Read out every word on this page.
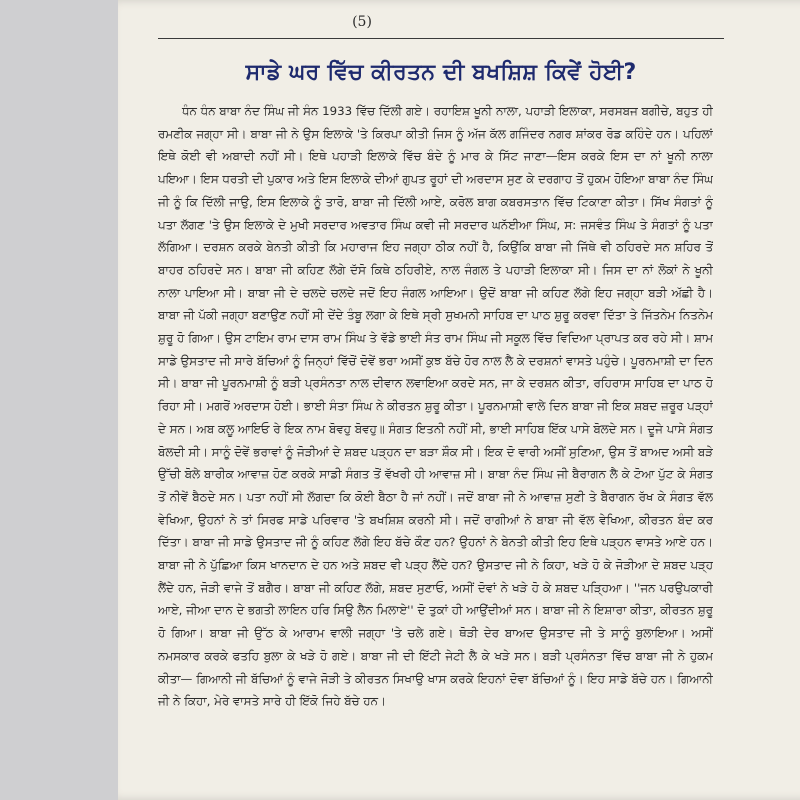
(5)
ਸਾਡੇ ਘਰ ਵਿੱਚ ਕੀਰਤਨ ਦੀ ਬਖਸ਼ਿਸ਼ ਕਿਵੇਂ ਹੋਈ?
ਧੰਨ ਧੰਨ ਬਾਬਾ ਨੰਦ ਸਿੰਘ ਜੀ ਸੰਨ 1933 ਵਿੱਚ ਦਿੱਲੀ ਗਏ। ਰਹਾਇਸ਼ ਖੂਨੀ ਨਾਲਾ, ਪਹਾੜੀ ਇਲਾਕਾ, ਸਰਸਬਜ ਬਗੀਚੇ, ਬਹੁਤ ਹੀ ਰਮਣੀਕ ਜਗ੍ਹਾ ਸੀ। ਬਾਬਾ ਜੀ ਨੇ ਉਸ ਇਲਾਕੇ 'ਤੇ ਕਿਰਪਾ ਕੀਤੀ ਜਿਸ ਨੂੰ ਅੱਜ ਕੱਲ ਗਜਿੰਦਰ ਨਗਰ ਸ਼ਾਂਕਰ ਰੋਡ ਕਹਿੰਦੇ ਹਨ। ਪਹਿਲਾਂ ਇਥੇ ਕੋਈ ਵੀ ਅਬਾਦੀ ਨਹੀਂ ਸੀ। ਇਥੇ ਪਹਾੜੀ ਇਲਾਕੇ ਵਿੱਚ ਬੰਦੇ ਨੂੰ ਮਾਰ ਕੇ ਸਿੱਟ ਜਾਣਾ—ਇਸ ਕਰਕੇ ਇਸ ਦਾ ਨਾਂ ਖੂਨੀ ਨਾਲਾ ਪਇਆ। ਇਸ ਧਰਤੀ ਦੀ ਪੁਕਾਰ ਅਤੇ ਇਸ ਇਲਾਕੇ ਦੀਆਂ ਗੁਪਤ ਰੂਹਾਂ ਦੀ ਅਰਦਾਸ ਸੁਣ ਕੇ ਦਰਗਾਹ ਤੋਂ ਹੁਕਮ ਹੋਇਆ ਬਾਬਾ ਨੰਦ ਸਿੰਘ ਜੀ ਨੂੰ ਕਿ ਦਿੱਲੀ ਜਾਉ, ਇਸ ਇਲਾਕੇ ਨੂੰ ਤਾਰੋ, ਬਾਬਾ ਜੀ ਦਿੱਲੀ ਆਏ, ਕਰੋਲ ਬਾਗ ਕਬਰਸਤਾਨ ਵਿੱਚ ਟਿਕਾਣਾ ਕੀਤਾ। ਸਿੱਖ ਸੰਗਤਾਂ ਨੂੰ ਪਤਾ ਲੱਗਣ 'ਤੇ ਉਸ ਇਲਾਕੇ ਦੇ ਮੁਖੀ ਸਰਦਾਰ ਅਵਤਾਰ ਸਿੰਘ ਕਵੀ ਜੀ ਸਰਦਾਰ ਘਨੱਈਆ ਸਿੰਘ, ਸ: ਜਸਵੰਤ ਸਿੰਘ ਤੇ ਸੰਗਤਾਂ ਨੂੰ ਪਤਾ ਲੱਗਿਆ। ਦਰਸ਼ਨ ਕਰਕੇ ਬੇਨਤੀ ਕੀਤੀ ਕਿ ਮਹਾਰਾਜ ਇਹ ਜਗ੍ਹਾ ਠੀਕ ਨਹੀਂ ਹੈ, ਕਿਉਂਕਿ ਬਾਬਾ ਜੀ ਜਿੱਥੇ ਵੀ ਠਹਿਰਦੇ ਸਨ ਸ਼ਹਿਰ ਤੋਂ ਬਾਹਰ ਠਹਿਰਦੇ ਸਨ। ਬਾਬਾ ਜੀ ਕਹਿਣ ਲੱਗੇ ਦੱਸੋ ਕਿਥੇ ਠਹਿਰੀਏ, ਨਾਲ ਜੰਗਲ ਤੇ ਪਹਾੜੀ ਇਲਾਕਾ ਸੀ। ਜਿਸ ਦਾ ਨਾਂ ਲੋਕਾਂ ਨੇ ਖੂਨੀ ਨਾਲਾ ਪਾਇਆ ਸੀ। ਬਾਬਾ ਜੀ ਦੇ ਚਲਦੇ ਚਲਦੇ ਜਦੋਂ ਇਹ ਜੰਗਲ ਆਇਆ। ਉਦੋਂ ਬਾਬਾ ਜੀ ਕਹਿਣ ਲੱਗੇ ਇਹ ਜਗ੍ਹਾ ਬੜੀ ਅੱਛੀ ਹੈ। ਬਾਬਾ ਜੀ ਪੱਕੀ ਜਗ੍ਹਾ ਬਣਾਉਣ ਨਹੀਂ ਸੀ ਦੇਂਦੇ ਤੰਬੂ ਲਗਾ ਕੇ ਇਥੇ ਸ੍ਰੀ ਸੁਖਮਨੀ ਸਾਹਿਬ ਦਾ ਪਾਠ ਸ਼ੁਰੂ ਕਰਵਾ ਦਿੱਤਾ ਤੇ ਜਿੱਤਨੇਮ ਨਿਤਨੇਮ ਸ਼ੁਰੂ ਹੋ ਗਿਆ। ਉਸ ਟਾਇਮ ਰਾਮ ਦਾਸ ਰਾਮ ਸਿੰਘ ਤੇ ਵੱਡੇ ਭਾਈ ਸੰਤ ਰਾਮ ਸਿੰਘ ਜੀ ਸਕੂਲ ਵਿੱਚ ਵਿਦਿਆ ਪ੍ਰਾਪਤ ਕਰ ਰਹੇ ਸੀ। ਸ਼ਾਮ ਸਾਡੇ ਉਸਤਾਦ ਜੀ ਸਾਰੇ ਬੱਚਿਆਂ ਨੂੰ ਜਿਨ੍ਹਾਂ ਵਿੱਚੋਂ ਦੋਵੇਂ ਭਰਾ ਅਸੀਂ ਕੁਝ ਬੱਚੇ ਹੋਰ ਨਾਲ ਲੈ ਕੇ ਦਰਸ਼ਨਾਂ ਵਾਸਤੇ ਪਹੁੰਚੇ। ਪੂਰਨਮਾਸ਼ੀ ਦਾ ਦਿਨ ਸੀ। ਬਾਬਾ ਜੀ ਪੂਰਨਮਾਸ਼ੀ ਨੂੰ ਬੜੀ ਪ੍ਰਸੰਨਤਾ ਨਾਲ ਦੀਵਾਨ ਲਵਾਇਆ ਕਰਦੇ ਸਨ, ਜਾ ਕੇ ਦਰਸ਼ਨ ਕੀਤਾ, ਰਹਿਰਾਸ ਸਾਹਿਬ ਦਾ ਪਾਠ ਹੋ ਰਿਹਾ ਸੀ। ਮਗਰੋਂ ਅਰਦਾਸ ਹੋਈ। ਭਾਈ ਸੰਤਾ ਸਿੰਘ ਨੇ ਕੀਰਤਨ ਸ਼ੁਰੂ ਕੀਤਾ। ਪੂਰਨਮਾਸ਼ੀ ਵਾਲੇ ਦਿਨ ਬਾਬਾ ਜੀ ਇਕ ਸ਼ਬਦ ਜ਼ਰੂਰ ਪੜ੍ਹਾਂ ਦੇ ਸਨ। ਅਬ ਕਲੂ ਆਇਓ ਰੇ ਇਕ ਨਾਮ ਬੋਵਹੁ ਬੋਵਹੁ॥ ਸੰਗਤ ਇਤਨੀ ਨਹੀਂ ਸੀ, ਭਾਈ ਸਾਹਿਬ ਇੱਕ ਪਾਸੇ ਬੋਲਦੇ ਸਨ। ਦੂਜੇ ਪਾਸੇ ਸੰਗਤ ਬੋਲਦੀ ਸੀ। ਸਾਨੂੰ ਦੋਵੇਂ ਭਰਾਵਾਂ ਨੂੰ ਜੋੜੀਆਂ ਦੇ ਸ਼ਬਦ ਪੜ੍ਹਨ ਦਾ ਬੜਾ ਸ਼ੌਕ ਸੀ। ਇਕ ਦੋ ਵਾਰੀ ਅਸੀਂ ਸੁਣਿਆ, ਉਸ ਤੋਂ ਬਾਅਦ ਅਸੀ ਬੜੇ ਉੱਚੀ ਬੋਲੇ ਬਾਰੀਕ ਆਵਾਜ਼ ਹੋਣ ਕਰਕੇ ਸਾਡੀ ਸੰਗਤ ਤੋਂ ਵੱਖਰੀ ਹੀ ਆਵਾਜ਼ ਸੀ। ਬਾਬਾ ਨੰਦ ਸਿੰਘ ਜੀ ਬੈਰਾਗਨ ਲੈ ਕੇ ਟੋਆ ਪੁੱਟ ਕੇ ਸੰਗਤ ਤੋਂ ਨੀਵੇਂ ਬੈਠਦੇ ਸਨ। ਪਤਾ ਨਹੀਂ ਸੀ ਲੱਗਦਾ ਕਿ ਕੋਈ ਬੈਠਾ ਹੈ ਜਾਂ ਨਹੀਂ। ਜਦੋਂ ਬਾਬਾ ਜੀ ਨੇ ਆਵਾਜ਼ ਸੁਣੀ ਤੇ ਬੈਰਾਗਨ ਰੱਖ ਕੇ ਸੰਗਤ ਵੱਲ ਵੇਖਿਆ, ਉਹਨਾਂ ਨੇ ਤਾਂ ਸਿਰਫ ਸਾਡੇ ਪਰਿਵਾਰ 'ਤੇ ਬਖਸ਼ਿਸ਼ ਕਰਨੀ ਸੀ। ਜਦੋਂ ਰਾਗੀਆਂ ਨੇ ਬਾਬਾ ਜੀ ਵੱਲ ਵੇਖਿਆ, ਕੀਰਤਨ ਬੰਦ ਕਰ ਦਿੱਤਾ। ਬਾਬਾ ਜੀ ਸਾਡੇ ਉਸਤਾਦ ਜੀ ਨੂੰ ਕਹਿਣ ਲੱਗੇ ਇਹ ਬੱਚੇ ਕੌਣ ਹਨ? ਉਹਨਾਂ ਨੇ ਬੇਨਤੀ ਕੀਤੀ ਇਹ ਇਥੇ ਪੜ੍ਹਨ ਵਾਸਤੇ ਆਏ ਹਨ। ਬਾਬਾ ਜੀ ਨੇ ਪੁੱਛਿਆ ਕਿਸ ਖਾਨਦਾਨ ਦੇ ਹਨ ਅਤੇ ਸ਼ਬਦ ਵੀ ਪੜ੍ਹ ਲੈਂਦੇ ਹਨ? ਉਸਤਾਦ ਜੀ ਨੇ ਕਿਹਾ, ਖੜੇ ਹੋ ਕੇ ਜੋੜੀਆ ਦੇ ਸ਼ਬਦ ਪੜ੍ਹ ਲੈਂਦੇ ਹਨ, ਜੋੜੀ ਵਾਜੇ ਤੋਂ ਬਗੈਰ। ਬਾਬਾ ਜੀ ਕਹਿਣ ਲੱਗੇ, ਸ਼ਬਦ ਸੁਣਾਓ, ਅਸੀਂ ਦੋਵਾਂ ਨੇ ਖੜੇ ਹੋ ਕੇ ਸ਼ਬਦ ਪੜ੍ਹਿਆ। ''ਜਨ ਪਰਉਪਕਾਰੀ ਆਏ, ਜੀਆ ਦਾਨ ਦੇ ਭਗਤੀ ਲਾਇਨ ਹਰਿ ਸਿਉ ਲੈਨ ਮਿਲਾਏ'' ਦੋ ਤੁਕਾਂ ਹੀ ਆਉਂਦੀਆਂ ਸਨ। ਬਾਬਾ ਜੀ ਨੇ ਇਸ਼ਾਰਾ ਕੀਤਾ, ਕੀਰਤਨ ਸ਼ੁਰੂ ਹੋ ਗਿਆ। ਬਾਬਾ ਜੀ ਉੱਠ ਕੇ ਆਰਾਮ ਵਾਲੀ ਜਗ੍ਹਾ 'ਤੇ ਚਲੇ ਗਏ। ਥੋੜੀ ਦੇਰ ਬਾਅਦ ਉਸਤਾਦ ਜੀ ਤੇ ਸਾਨੂੰ ਬੁਲਾਇਆ। ਅਸੀਂ ਨਮਸਕਾਰ ਕਰਕੇ ਫਤਹਿ ਬੁਲਾ ਕੇ ਖੜੇ ਹੋ ਗਏ। ਬਾਬਾ ਜੀ ਦੀ ਇੱਟੀ ਜੇਟੀ ਲੈ ਕੇ ਖੜੇ ਸਨ। ਬੜੀ ਪ੍ਰਸੰਨਤਾ ਵਿੱਚ ਬਾਬਾ ਜੀ ਨੇ ਹੁਕਮ ਕੀਤਾ— ਗਿਆਨੀ ਜੀ ਬੱਚਿਆਂ ਨੂੰ ਵਾਜੇ ਜੋੜੀ ਤੇ ਕੀਰਤਨ ਸਿਖਾਉ ਖਾਸ ਕਰਕੇ ਇਹਨਾਂ ਦੋਵਾ ਬੱਚਿਆਂ ਨੂੰ। ਇਹ ਸਾਡੇ ਬੱਚੇ ਹਨ। ਗਿਆਨੀ ਜੀ ਨੇ ਕਿਹਾ, ਮੇਰੇ ਵਾਸਤੇ ਸਾਰੇ ਹੀ ਇੱਕੋ ਜਿਹੇ ਬੱਚੇ ਹਨ।
